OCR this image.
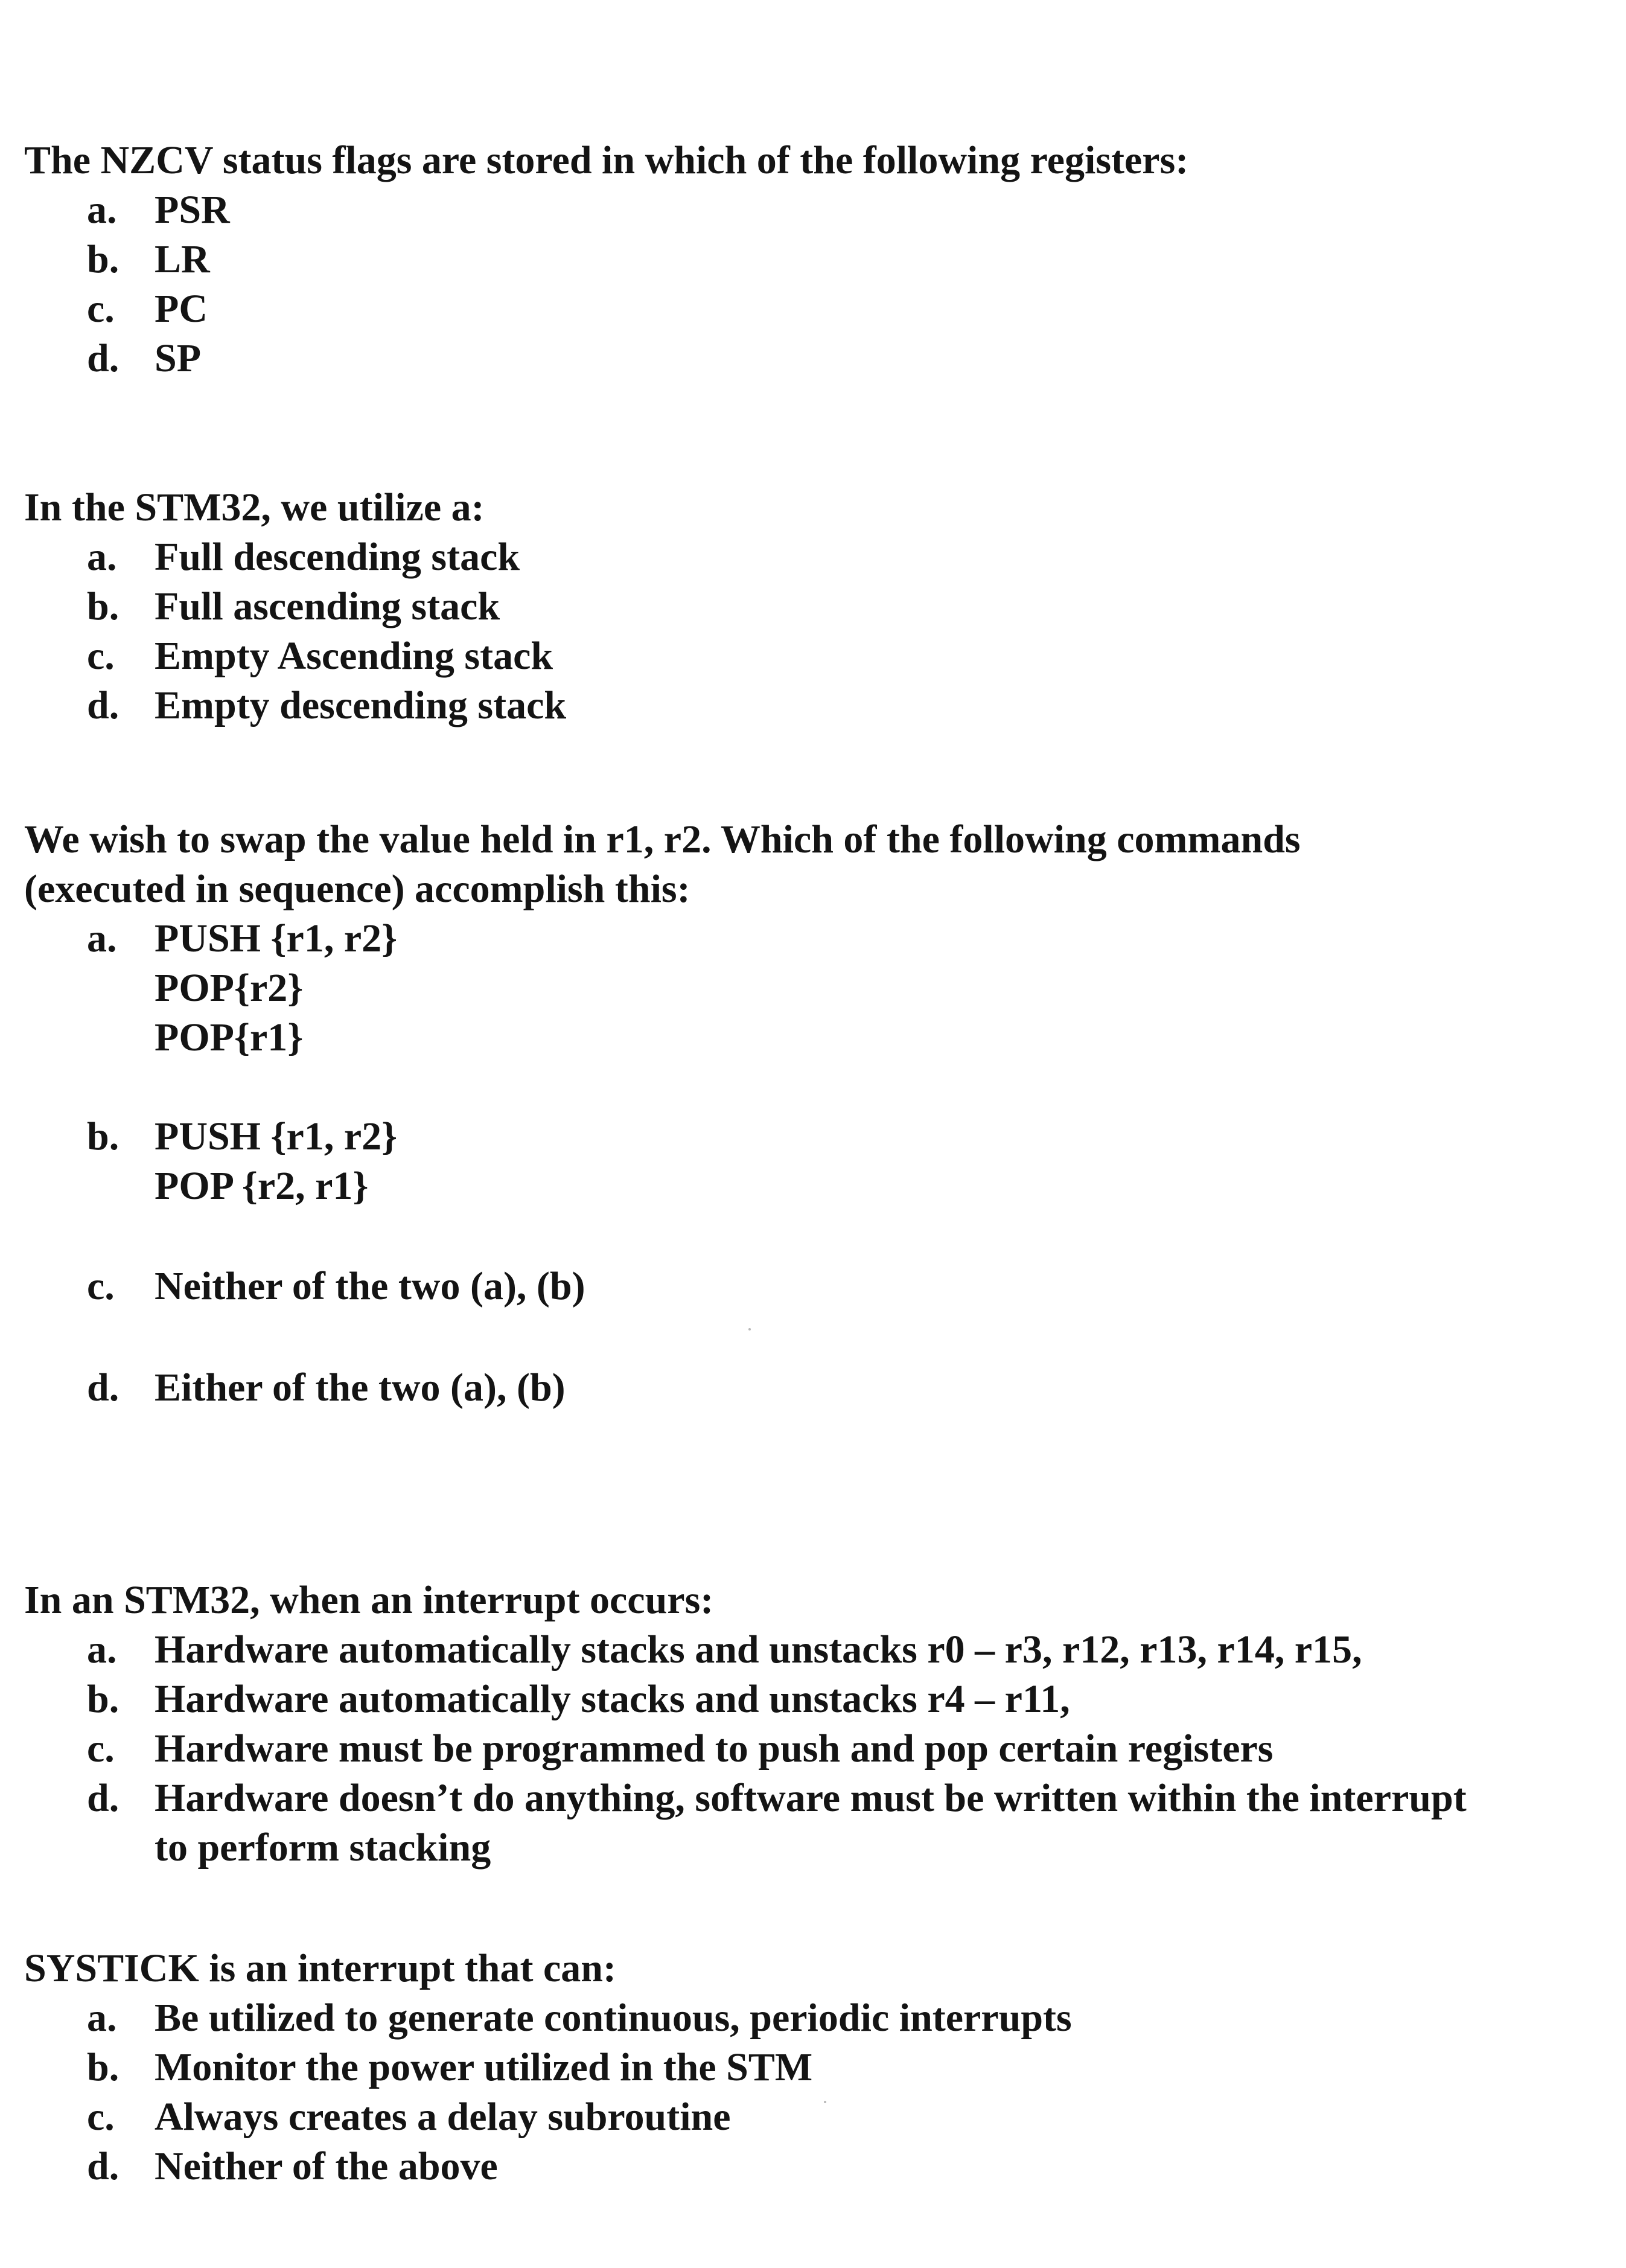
The NZCV status flags are stored in which of the following registers:

a. PSR
b. LR
c.	PC
d. SP

In the STM32, we utilize a:

a. Full descending stack
b. Full ascending stack
c.	Empty Ascending stack
d. Empty descending stack

We wish to swap the value held in r1, r2. Which of the following commands
(executed in sequence) accomplish this:

a. PUSH {r1, r2}
POP{r2}
POP{r1}
b. PUSH {r1, r2}
POP {r2, r1}
c.	Neither of the two (a), (b)
d. Either of the two (a), (b)

In an STM32, when an interrupt occurs:

a. Hardware automatically stacks and unstacks r0 – r3, r12, r13, r14, r15,
b. Hardware automatically stacks and unstacks r4 – r11,
c.	Hardware must be programmed to push and pop certain registers
d. Hardware doesn’t do anything, software must be written within the interrupt
to perform stacking

SYSTICK is an interrupt that can:

a. Be utilized to generate continuous, periodic interrupts
b. Monitor the power utilized in the STM
c.	Always creates a delay subroutine
d. Neither of the above
